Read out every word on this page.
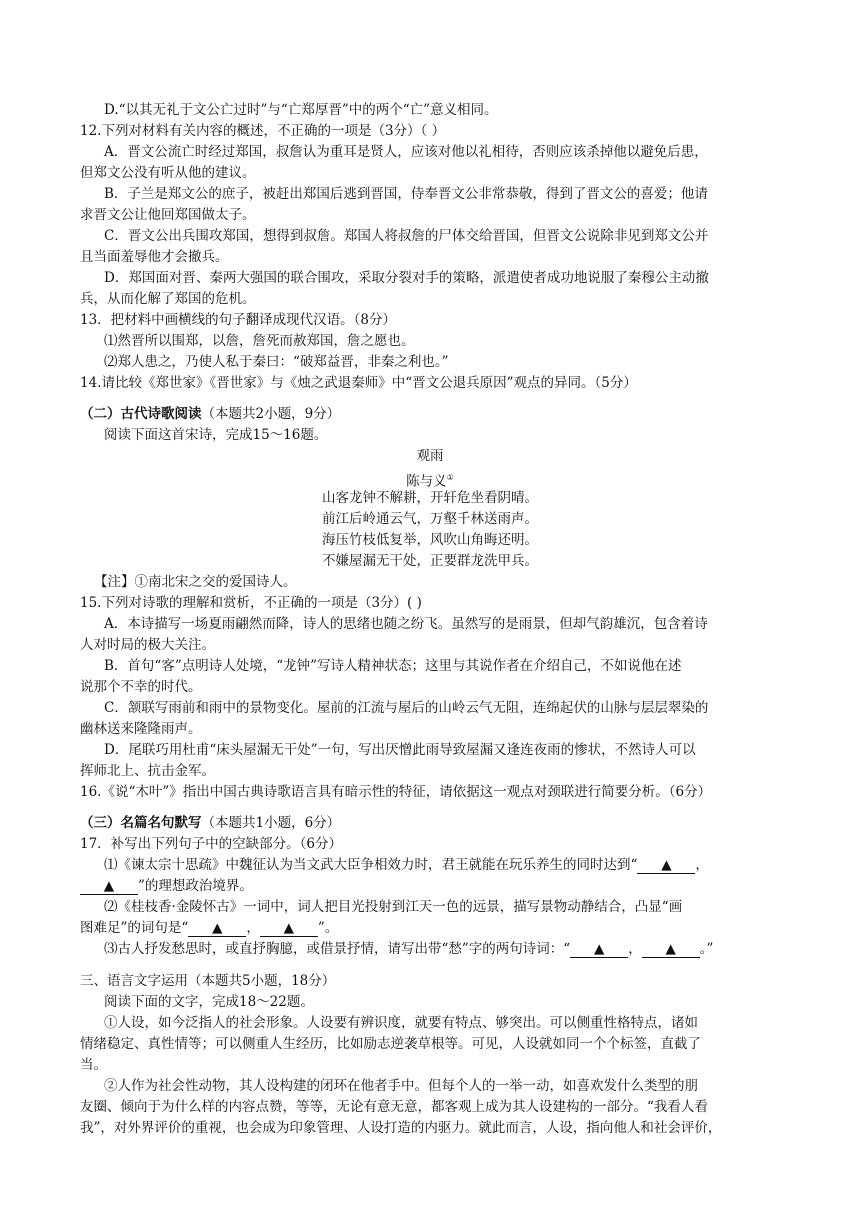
D.“以其无礼于文公亡过时”与“亡郑厚晋”中的两个“亡”意义相同。
12.下列对材料有关内容的概述，不正确的一项是（3分）（ ）
A．晋文公流亡时经过郑国，叔詹认为重耳是贤人，应该对他以礼相待，否则应该杀掉他以避免后患，
但郑文公没有听从他的建议。
B．子兰是郑文公的庶子，被赶出郑国后逃到晋国，侍奉晋文公非常恭敬，得到了晋文公的喜爱；他请
求晋文公让他回郑国做太子。
C．晋文公出兵围攻郑国，想得到叔詹。郑国人将叔詹的尸体交给晋国，但晋文公说除非见到郑文公并
且当面羞辱他才会撤兵。
D．郑国面对晋、秦两大强国的联合围攻，采取分裂对手的策略，派遣使者成功地说服了秦穆公主动撤
兵，从而化解了郑国的危机。
13．把材料中画横线的句子翻译成现代汉语。（8分）
⑴然晋所以围郑，以詹，詹死而赦郑国，詹之愿也。
⑵郑人患之，乃使人私于秦曰：“破郑益晋，非秦之利也。”
14.请比较《郑世家》《晋世家》与《烛之武退秦师》中“晋文公退兵原因”观点的异同。（5分）
（二）古代诗歌阅读（本题共2小题，9分）
阅读下面这首宋诗，完成15～16题。
观雨
陈与义①
山客龙钟不解耕，开轩危坐看阴晴。
前江后岭通云气，万壑千林送雨声。
海压竹枝低复举，风吹山角晦还明。
不嫌屋漏无干处，正要群龙洗甲兵。
【注】①南北宋之交的爱国诗人。
15.下列对诗歌的理解和赏析，不正确的一项是（3分）( )
A．本诗描写一场夏雨翩然而降，诗人的思绪也随之纷飞。虽然写的是雨景，但却气韵雄沉，包含着诗
人对时局的极大关注。
B．首句“客”点明诗人处境，“龙钟”写诗人精神状态；这里与其说作者在介绍自己，不如说他在述
说那个不幸的时代。
C．颔联写雨前和雨中的景物变化。屋前的江流与屋后的山岭云气无阻，连绵起伏的山脉与层层翠染的
幽林送来隆隆雨声。
D．尾联巧用杜甫“床头屋漏无干处”一句，写出厌憎此雨导致屋漏又逢连夜雨的惨状，不然诗人可以
挥师北上、抗击金军。
16.《说“木叶”》指出中国古典诗歌语言具有暗示性的特征，请依据这一观点对颈联进行简要分析。（6分）
（三）名篇名句默写（本题共1小题，6分）
17．补写出下列句子中的空缺部分。（6分）
⑴《谏太宗十思疏》中魏征认为当文武大臣争相效力时，君王就能在玩乐养生的同时达到“ ▲ ，
▲ ”的理想政治境界。
⑵《桂枝香·金陵怀古》一词中，词人把目光投射到江天一色的远景，描写景物动静结合，凸显“画
图难足”的词句是“ ▲ ， ▲ ”。
⑶古人抒发愁思时，或直抒胸臆，或借景抒情，请写出带“愁”字的两句诗词：“ ▲ ， ▲ 。”
三、语言文字运用（本题共5小题，18分）
阅读下面的文字，完成18～22题。
①人设，如今泛指人的社会形象。人设要有辨识度，就要有特点、够突出。可以侧重性格特点，诸如
情绪稳定、真性情等；可以侧重人生经历，比如励志逆袭草根等。可见，人设就如同一个个标签，直截了
当。
②人作为社会性动物，其人设构建的闭环在他者手中。但每个人的一举一动，如喜欢发什么类型的朋
友圈、倾向于为什么样的内容点赞，等等，无论有意无意，都客观上成为其人设建构的一部分。“我看人看
我”，对外界评价的重视，也会成为印象管理、人设打造的内驱力。就此而言，人设，指向他人和社会评价，
